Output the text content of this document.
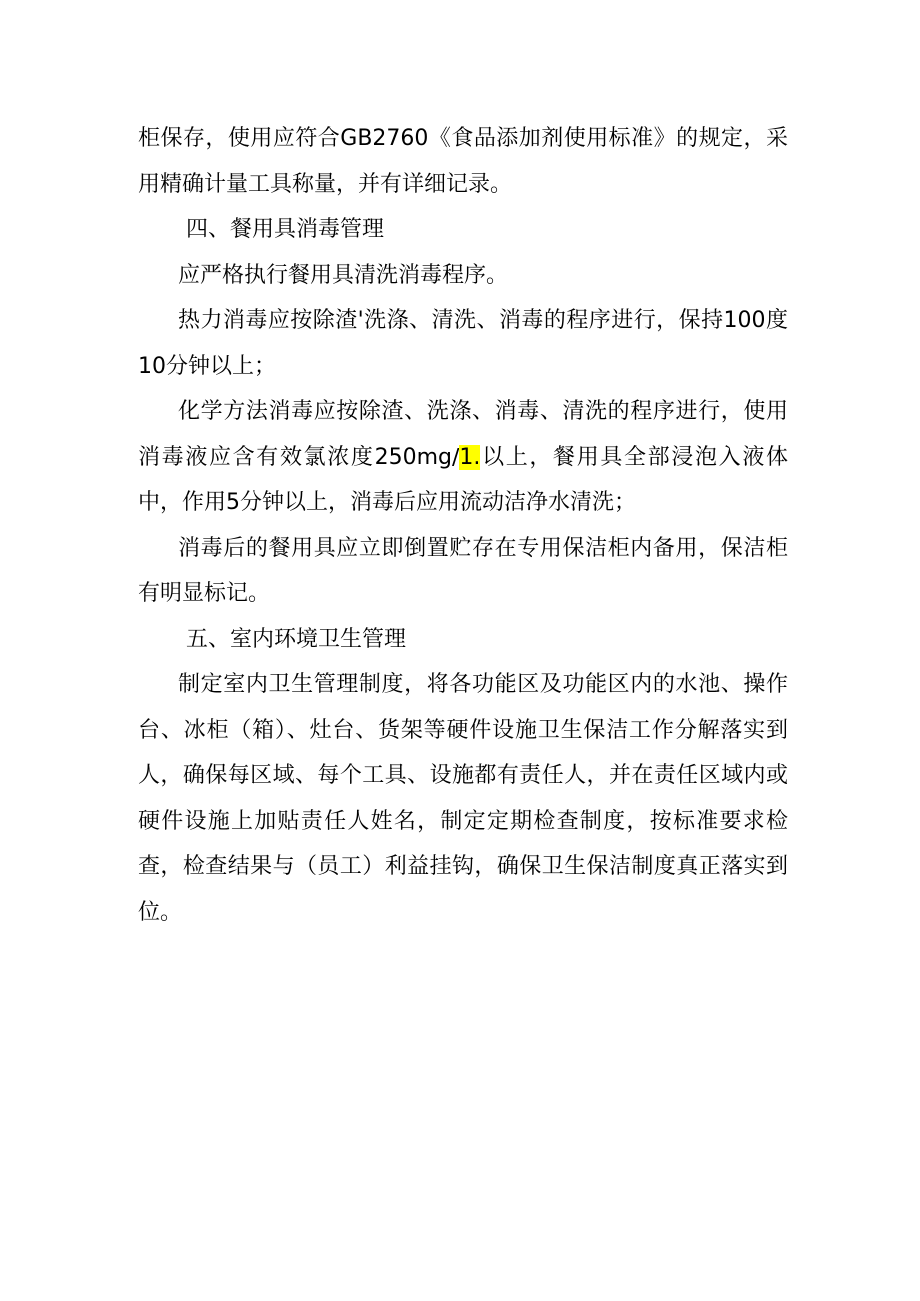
柜保存，使用应符合GB2760《食品添加剂使用标准》的规定，采用精确计量工具称量，并有详细记录。

四、餐用具消毒管理

应严格执行餐用具清洗消毒程序。

热力消毒应按除渣'洗涤、清洗、消毒的程序进行，保持100度10分钟以上；

化学方法消毒应按除渣、洗涤、消毒、清洗的程序进行，使用消毒液应含有效氯浓度250mg∕1.以上，餐用具全部浸泡入液体中，作用5分钟以上，消毒后应用流动洁净水清洗；

消毒后的餐用具应立即倒置贮存在专用保洁柜内备用，保洁柜有明显标记。

五、室内环境卫生管理

制定室内卫生管理制度，将各功能区及功能区内的水池、操作台、冰柜（箱）、灶台、货架等硬件设施卫生保洁工作分解落实到人，确保每区域、每个工具、设施都有责任人，并在责任区域内或硬件设施上加贴责任人姓名，制定定期检查制度，按标准要求检查，检查结果与（员工）利益挂钩，确保卫生保洁制度真正落实到位。
